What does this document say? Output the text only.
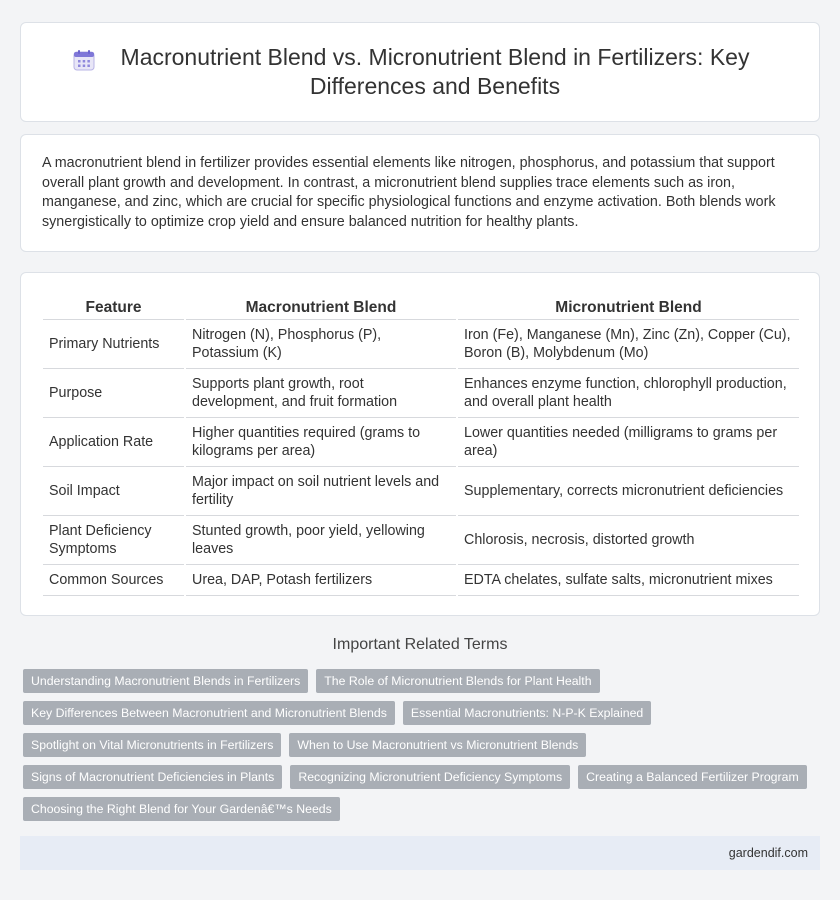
Macronutrient Blend vs. Micronutrient Blend in Fertilizers: Key Differences and Benefits

A macronutrient blend in fertilizer provides essential elements like nitrogen, phosphorus, and potassium that support overall plant growth and development. In contrast, a micronutrient blend supplies trace elements such as iron, manganese, and zinc, which are crucial for specific physiological functions and enzyme activation. Both blends work synergistically to optimize crop yield and ensure balanced nutrition for healthy plants.

Feature	Macronutrient Blend	Micronutrient Blend
Primary Nutrients	Nitrogen (N), Phosphorus (P), Potassium (K)	Iron (Fe), Manganese (Mn), Zinc (Zn), Copper (Cu), Boron (B), Molybdenum (Mo)
Purpose	Supports plant growth, root development, and fruit formation	Enhances enzyme function, chlorophyll production, and overall plant health
Application Rate	Higher quantities required (grams to kilograms per area)	Lower quantities needed (milligrams to grams per area)
Soil Impact	Major impact on soil nutrient levels and fertility	Supplementary, corrects micronutrient deficiencies
Plant Deficiency Symptoms	Stunted growth, poor yield, yellowing leaves	Chlorosis, necrosis, distorted growth
Common Sources	Urea, DAP, Potash fertilizers	EDTA chelates, sulfate salts, micronutrient mixes
Important Related Terms
Understanding Macronutrient Blends in Fertilizers	The Role of Micronutrient Blends for Plant Health
Key Differences Between Macronutrient and Micronutrient Blends	Essential Macronutrients: N-P-K Explained
Spotlight on Vital Micronutrients in Fertilizers	When to Use Macronutrient vs Micronutrient Blends
Signs of Macronutrient Deficiencies in Plants	Recognizing Micronutrient Deficiency Symptoms	Creating a Balanced Fertilizer Program
Choosing the Right Blend for Your Gardenâ€™s Needs
gardendif.com
